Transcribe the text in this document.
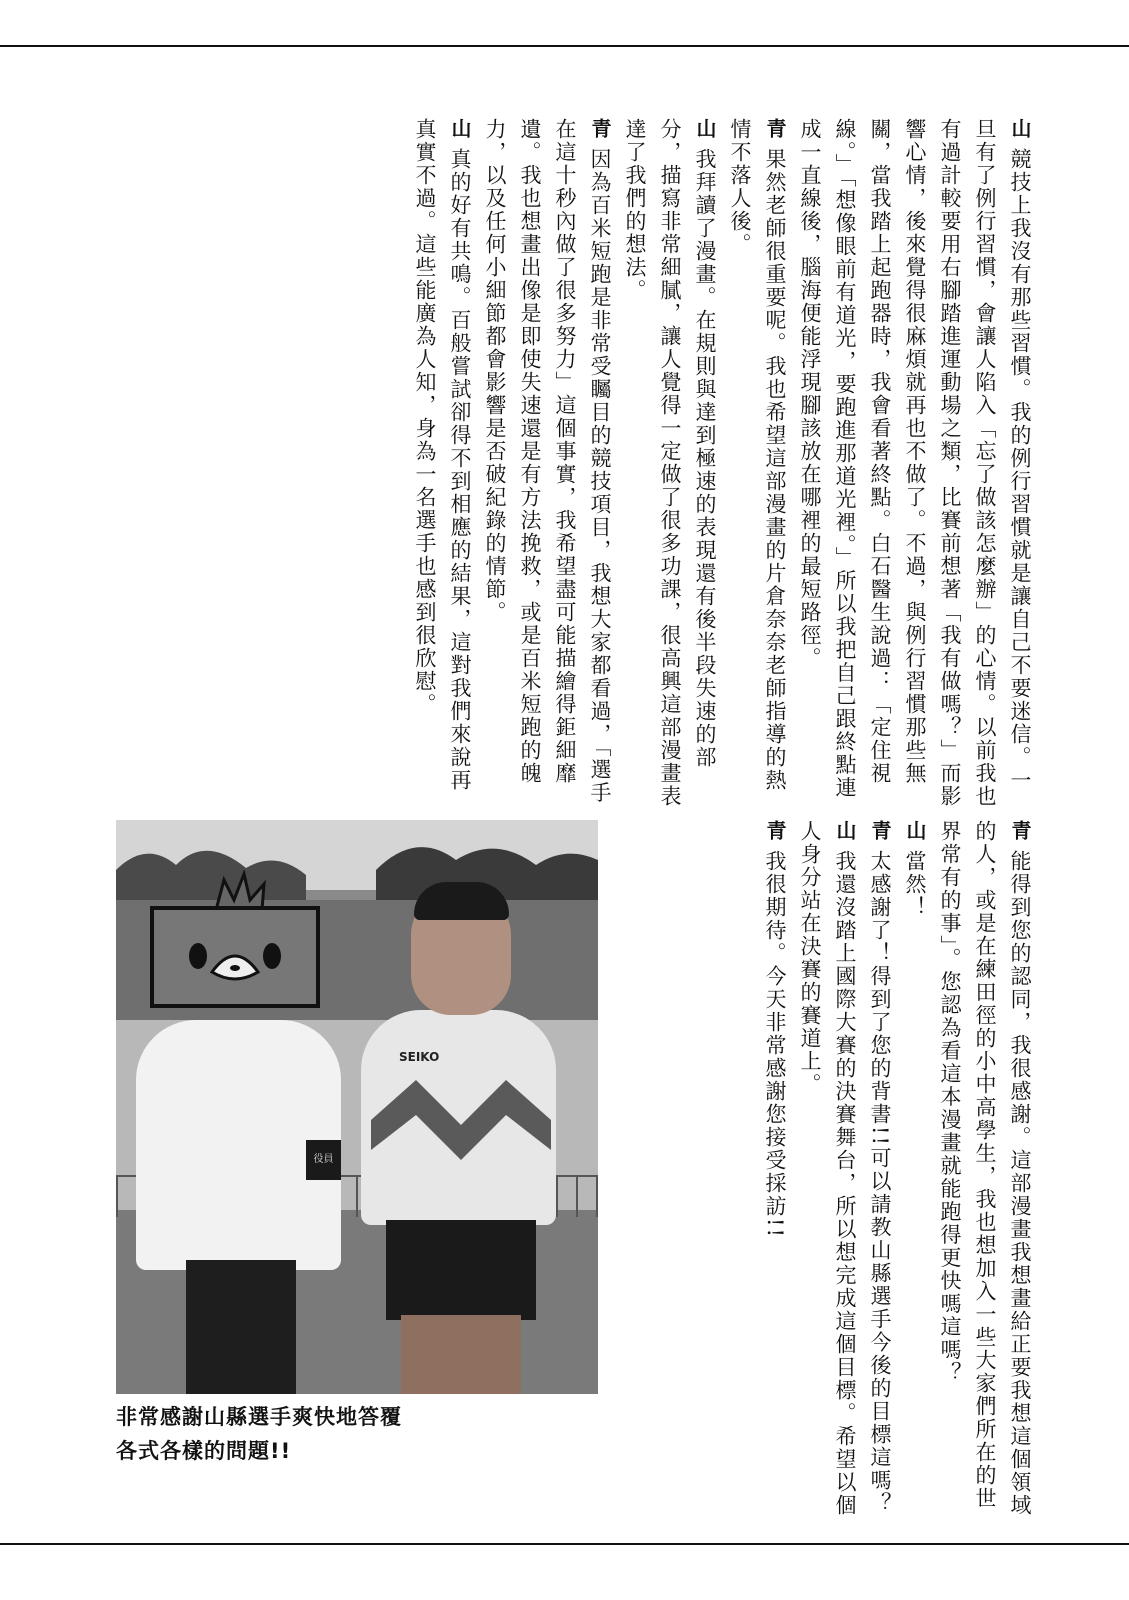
山競技上我沒有那些習慣。我的例行習慣就是讓自己不要迷信。一旦有了例行習慣，會讓人陷入「忘了做該怎麼辦」的心情。以前我也有過計較要用右腳踏進運動場之類，比賽前想著「我有做嗎？」而影響心情，後來覺得很麻煩就再也不做了。不過，與例行習慣那些無關，當我踏上起跑器時，我會看著終點。白石醫生說過：「定住視線。」「想像眼前有道光，要跑進那道光裡。」所以我把自己跟終點連成一直線後，腦海便能浮現腳該放在哪裡的最短路徑。
青果然老師很重要呢。我也希望這部漫畫的片倉奈奈老師指導的熱情不落人後。
山我拜讀了漫畫。在規則與達到極速的表現還有後半段失速的部分，描寫非常細膩，讓人覺得一定做了很多功課，很高興這部漫畫表達了我們的想法。
青因為百米短跑是非常受矚目的競技項目，我想大家都看過，「選手在這十秒內做了很多努力」這個事實，我希望盡可能描繪得鉅細靡遺。我也想畫出像是即使失速還是有方法挽救，或是百米短跑的魄力，以及任何小細節都會影響是否破紀錄的情節。
山真的好有共鳴。百般嘗試卻得不到相應的結果，這對我們來說再真實不過。這些能廣為人知，身為一名選手也感到很欣慰。
青能得到您的認同，我很感謝。這部漫畫我想畫給正要我想這個領域的人，或是在練田徑的小中高學生，我也想加入一些大家們所在的世界常有的事」。您認為看這本漫畫就能跑得更快嗎這嗎？
山當然！
青太感謝了！得到了您的背書!!可以請教山縣選手今後的目標這嗎？
山我還沒踏上國際大賽的決賽舞台，所以想完成這個目標。希望以個人身分站在決賽的賽道上。
青我很期待。今天非常感謝您接受採訪!!
役員
SEIKO
非常感謝山縣選手爽快地答覆
各式各樣的問題!!
